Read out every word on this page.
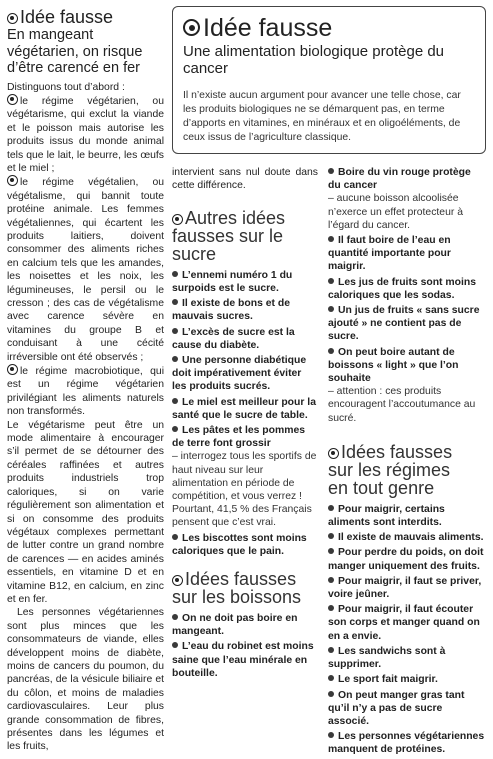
Idée fausse
En mangeant végétarien, on risque d’être carencé en fer

Distinguons tout d’abord :

le régime végétarien, ou végétarisme, qui exclut la viande et le poisson mais autorise les produits issus du monde animal tels que le lait, le beurre, les œufs et le miel ;

le régime végétalien, ou végétalisme, qui bannit toute protéine animale. Les femmes végétaliennes, qui écartent les produits laitiers, doivent consommer des aliments riches en calcium tels que les amandes, les noisettes et les noix, les légumineuses, le persil ou le cresson ; des cas de végétalisme avec carence sévère en vitamines du groupe B et conduisant à une cécité irréversible ont été observés ;

le régime macrobiotique, qui est un régime végétarien privilégiant les aliments naturels non transformés.

Le végétarisme peut être un mode alimentaire à encourager s’il permet de se détourner des céréales raffinées et autres produits industriels trop caloriques, si on varie régulièrement son alimentation et si on consomme des produits végétaux complexes permettant de lutter contre un grand nombre de carences — en acides aminés essentiels, en vitamine D et en vitamine B12, en calcium, en zinc et en fer.

Les personnes végétariennes sont plus minces que les consommateurs de viande, elles développent moins de diabète, moins de cancers du poumon, du pancréas, de la vésicule biliaire et du côlon, et moins de maladies cardiovasculaires. Leur plus grande consommation de fibres, présentes dans les légumes et les fruits,

Idée fausse
Une alimentation biologique protège du cancer
Il n’existe aucun argument pour avancer une telle chose, car les produits biologiques ne se démarquent pas, en terme d’apports en vitamines, en minéraux et en oligoéléments, de ceux issus de l’agriculture classique.
intervient sans nul doute dans cette différence.
Autres idées
fausses sur le sucre
L’ennemi numéro 1 du surpoids est le sucre.
Il existe de bons et de mauvais sucres.
L’excès de sucre est la cause du diabète.
Une personne diabétique doit impérativement éviter les produits sucrés.
Le miel est meilleur pour la santé que le sucre de table.
Les pâtes et les pommes de terre font grossir
– interrogez tous les sportifs de haut niveau sur leur alimentation en période de compétition, et vous verrez ! Pourtant, 41,5 % des Français pensent que c’est vrai.
Les biscottes sont moins caloriques que le pain.
Idées fausses
sur les boissons
On ne doit pas boire en mangeant.
L’eau du robinet est moins saine que l’eau minérale en bouteille.
Boire du vin rouge protège du cancer
– aucune boisson alcoolisée n’exerce un effet protecteur à l’égard du cancer.
Il faut boire de l’eau en quantité importante pour maigrir.
Les jus de fruits sont moins caloriques que les sodas.
Un jus de fruits « sans sucre ajouté » ne contient pas de sucre.
On peut boire autant de boissons « light » que l’on souhaite
– attention : ces produits encouragent l’accoutumance au sucré.
Idées fausses
sur les régimes
en tout genre
Pour maigrir, certains aliments sont interdits.
Il existe de mauvais aliments.
Pour perdre du poids, on doit manger uniquement des fruits.
Pour maigrir, il faut se priver, voire jeûner.
Pour maigrir, il faut écouter son corps et manger quand on en a envie.
Les sandwichs sont à supprimer.
Le sport fait maigrir.
On peut manger gras tant qu’il n’y a pas de sucre associé.
Les personnes végétariennes manquent de protéines.
